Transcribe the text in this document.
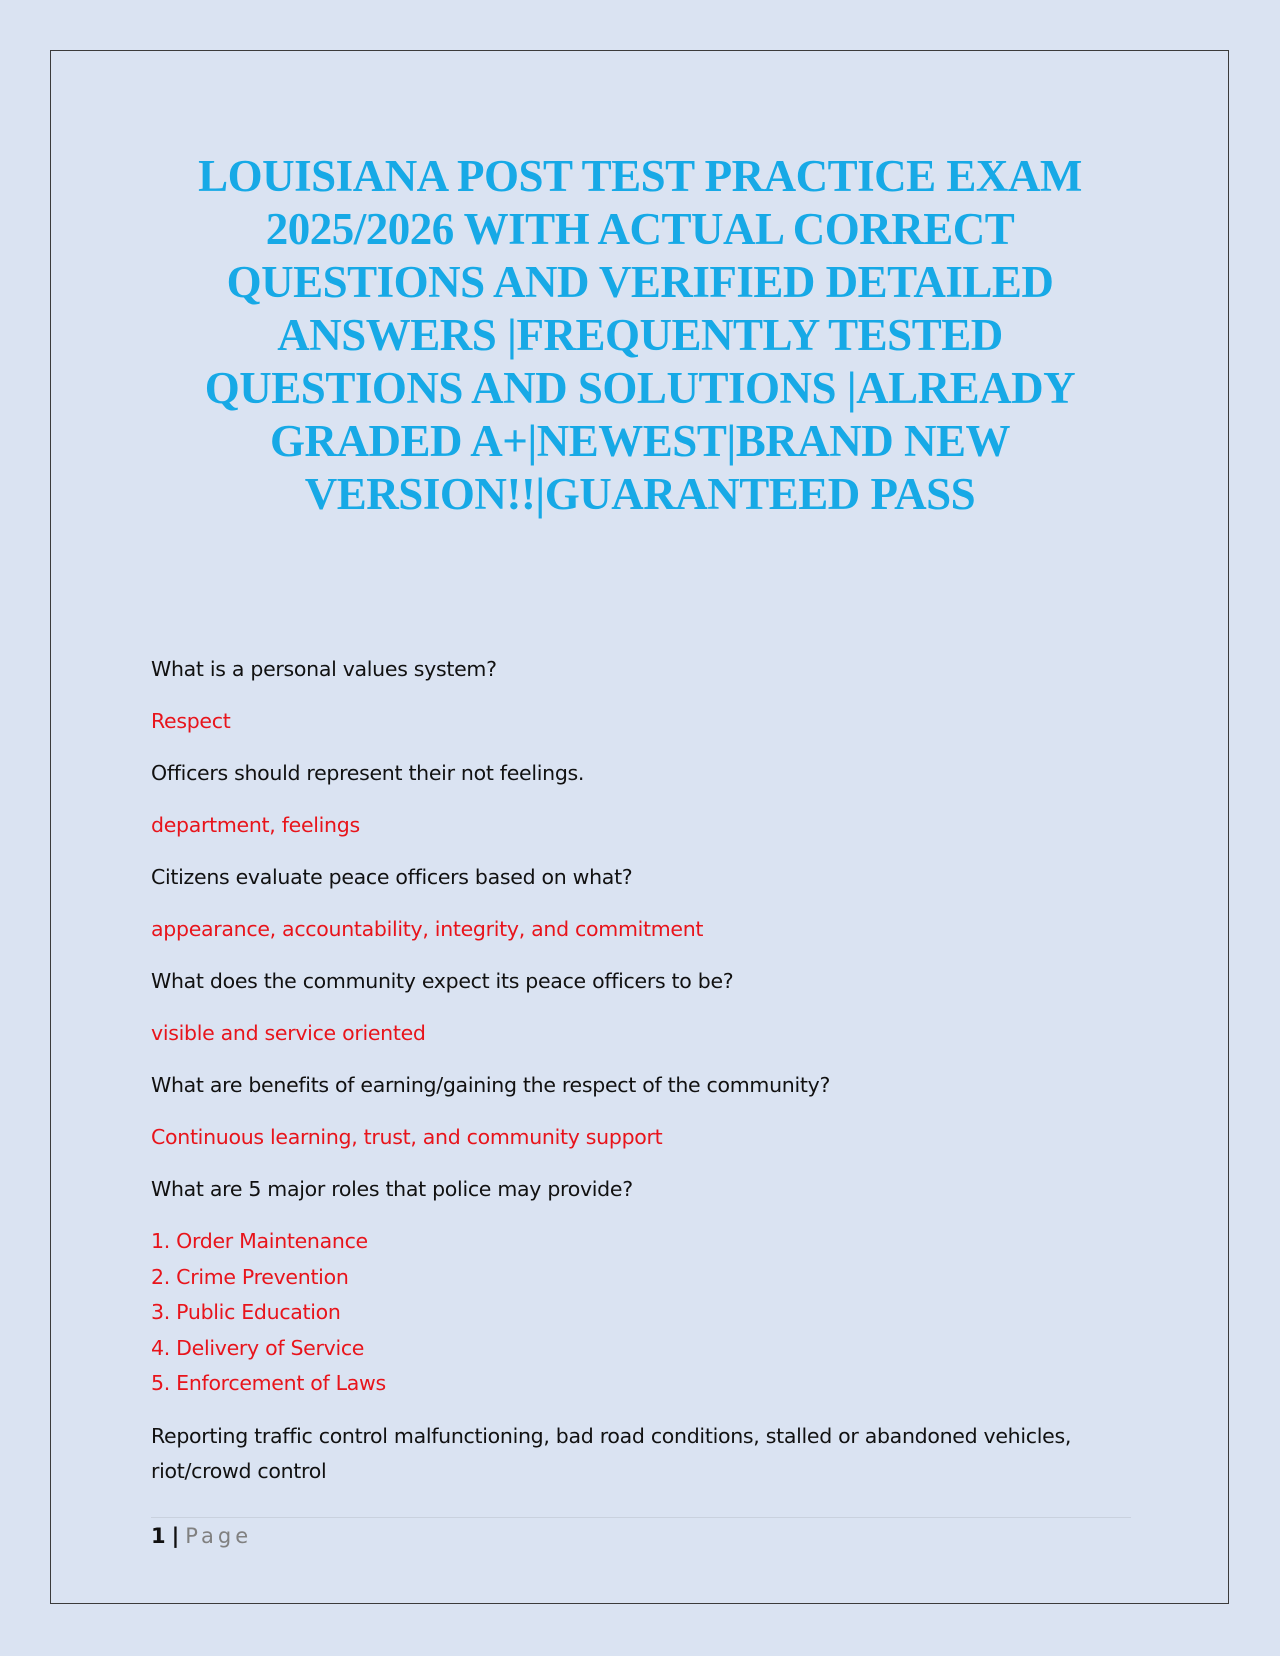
LOUISIANA POST TEST PRACTICE EXAM 2025/2026 WITH ACTUAL CORRECT QUESTIONS AND VERIFIED DETAILED ANSWERS |FREQUENTLY TESTED QUESTIONS AND SOLUTIONS |ALREADY GRADED A+|NEWEST|BRAND NEW VERSION!!|GUARANTEED PASS

What is a personal values system?

Respect

Officers should represent their not feelings.

department, feelings

Citizens evaluate peace officers based on what?

appearance, accountability, integrity, and commitment

What does the community expect its peace officers to be?

visible and service oriented

What are benefits of earning/gaining the respect of the community?

Continuous learning, trust, and community support

What are 5 major roles that police may provide?

1. Order Maintenance
2. Crime Prevention
3. Public Education
4. Delivery of Service
5. Enforcement of Laws

Reporting traffic control malfunctioning, bad road conditions, stalled or abandoned vehicles, riot/crowd control

1 | Page
